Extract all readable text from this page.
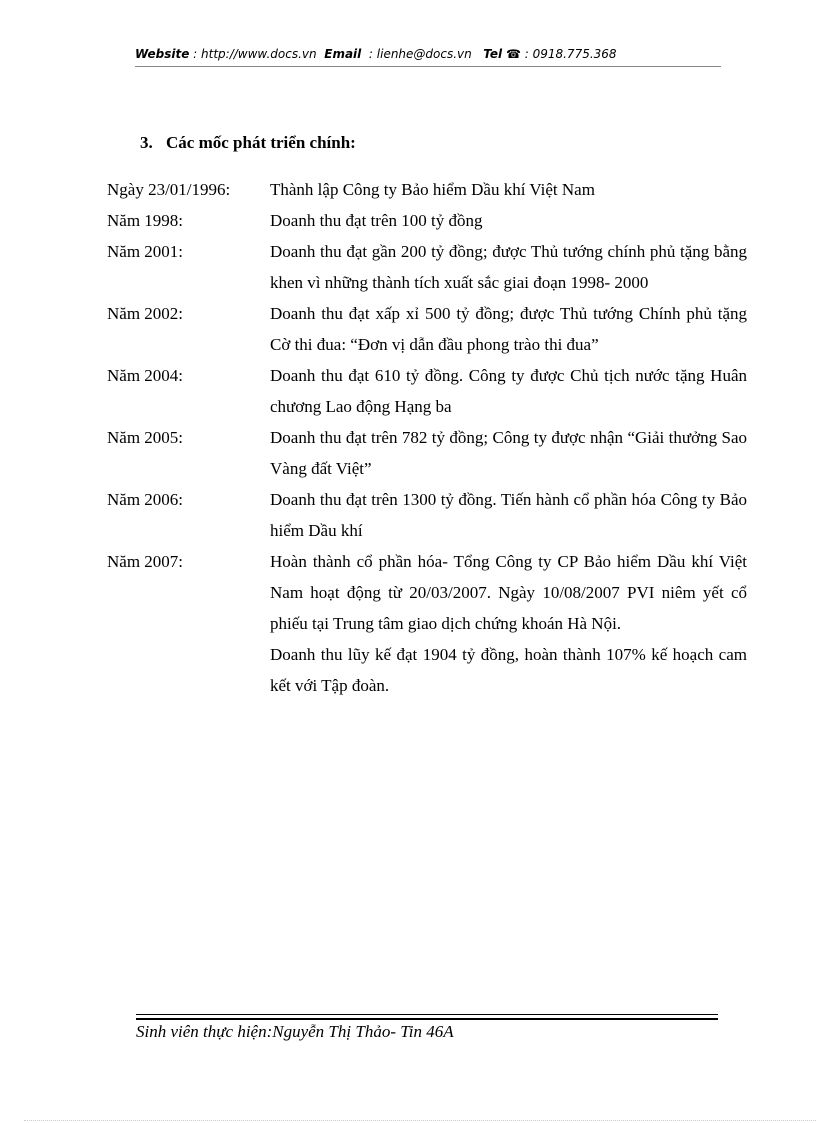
Website : http://www.docs.vn Email : lienhe@docs.vn Tel ☎ : 0918.775.368
3. Các mốc phát triển chính:
Ngày 23/01/1996:	Thành lập Công ty Bảo hiểm Dầu khí Việt Nam

Năm 1998:	Doanh thu đạt trên 100 tỷ đồng

Năm 2001:	Doanh thu đạt gần 200 tỷ đồng; được Thủ tướng chính phủ tặng bằng khen vì những thành tích xuất sắc giai đoạn 1998- 2000

Năm 2002:	Doanh thu đạt xấp xỉ 500 tỷ đồng; được Thủ tướng Chính phủ tặng Cờ thi đua: “Đơn vị dẫn đầu phong trào thi đua”

Năm 2004:	Doanh thu đạt 610 tỷ đồng. Công ty được Chủ tịch nước tặng Huân chương Lao động Hạng ba

Năm 2005:	Doanh thu đạt trên 782 tỷ đồng; Công ty được nhận “Giải thưởng Sao Vàng đất Việt”

Năm 2006:	Doanh thu đạt trên 1300 tỷ đồng. Tiến hành cổ phần hóa Công ty Bảo hiểm Dầu khí

Năm 2007:	Hoàn thành cổ phần hóa- Tổng Công ty CP Bảo hiểm Dầu khí Việt Nam hoạt động từ 20/03/2007. Ngày 10/08/2007 PVI niêm yết cổ phiếu tại Trung tâm giao dịch chứng khoán Hà Nội.

Doanh thu lũy kế đạt 1904 tỷ đồng, hoàn thành 107% kế hoạch cam kết với Tập đoàn.

Sinh viên thực hiện:Nguyễn Thị Thảo- Tin 46A
